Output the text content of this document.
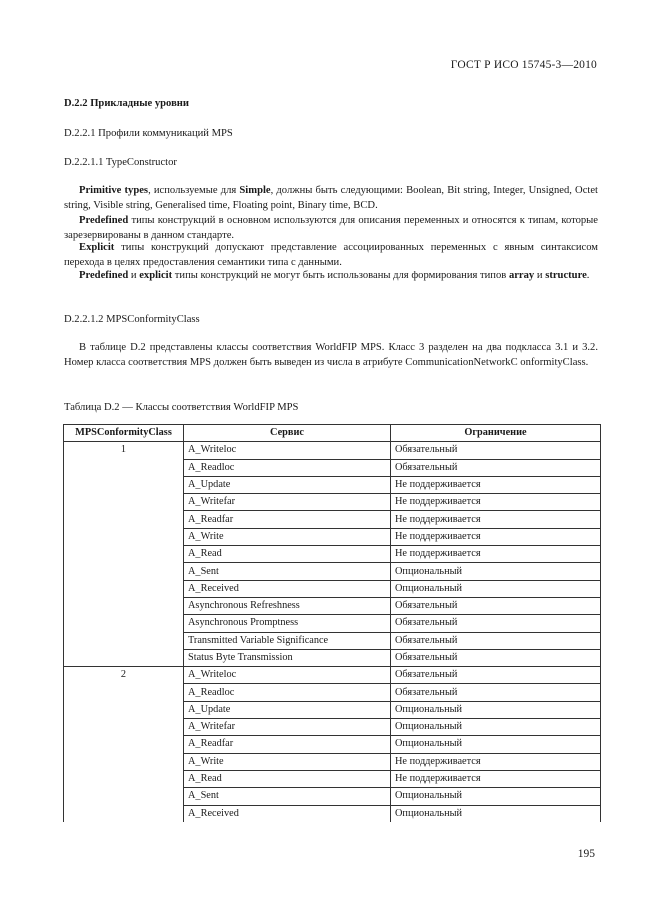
ГОСТ Р ИСО 15745-3—2010
D.2.2 Прикладные уровни
D.2.2.1 Профили коммуникаций MPS
D.2.2.1.1 TypeConstructor
Primitive types, используемые для Simple, должны быть следующими: Boolean, Bit string, Integer, Unsigned, Octet string, Visible string, Generalised time, Floating point, Binary time, BCD.
Predefined типы конструкций в основном используются для описания переменных и относятся к типам, которые зарезервированы в данном стандарте.
Explicit типы конструкций допускают представление ассоциированных переменных с явным синтаксисом перехода в целях предоставления семантики типа с данными.
Predefined и explicit типы конструкций не могут быть использованы для формирования типов array и structure.
D.2.2.1.2 MPSConformityClass
В таблице D.2 представлены классы соответствия WorldFIP MPS. Класс 3 разделен на два подкласса 3.1 и 3.2. Номер класса соответствия MPS должен быть выведен из числа в атрибуте CommunicationNetworkC onformityClass.
Таблица D.2 — Классы соответствия WorldFIP MPS
MPSConformityClass	Сервис	Ограничение
1	A_Writeloc	Обязательный
	A_Readloc	Обязательный
	A_Update	Не поддерживается
	A_Writefar	Не поддерживается
	A_Readfar	Не поддерживается
	A_Write	Не поддерживается
	A_Read	Не поддерживается
	A_Sent	Опциональный
	A_Received	Опциональный
	Asynchronous Refreshness	Обязательный
	Asynchronous Promptness	Обязательный
	Transmitted Variable Significance	Обязательный
	Status Byte Transmission	Обязательный
2	A_Writeloc	Обязательный
	A_Readloc	Обязательный
	A_Update	Опциональный
	A_Writefar	Опциональный
	A_Readfar	Опциональный
	A_Write	Не поддерживается
	A_Read	Не поддерживается
	A_Sent	Опциональный
	A_Received	Опциональный
195
